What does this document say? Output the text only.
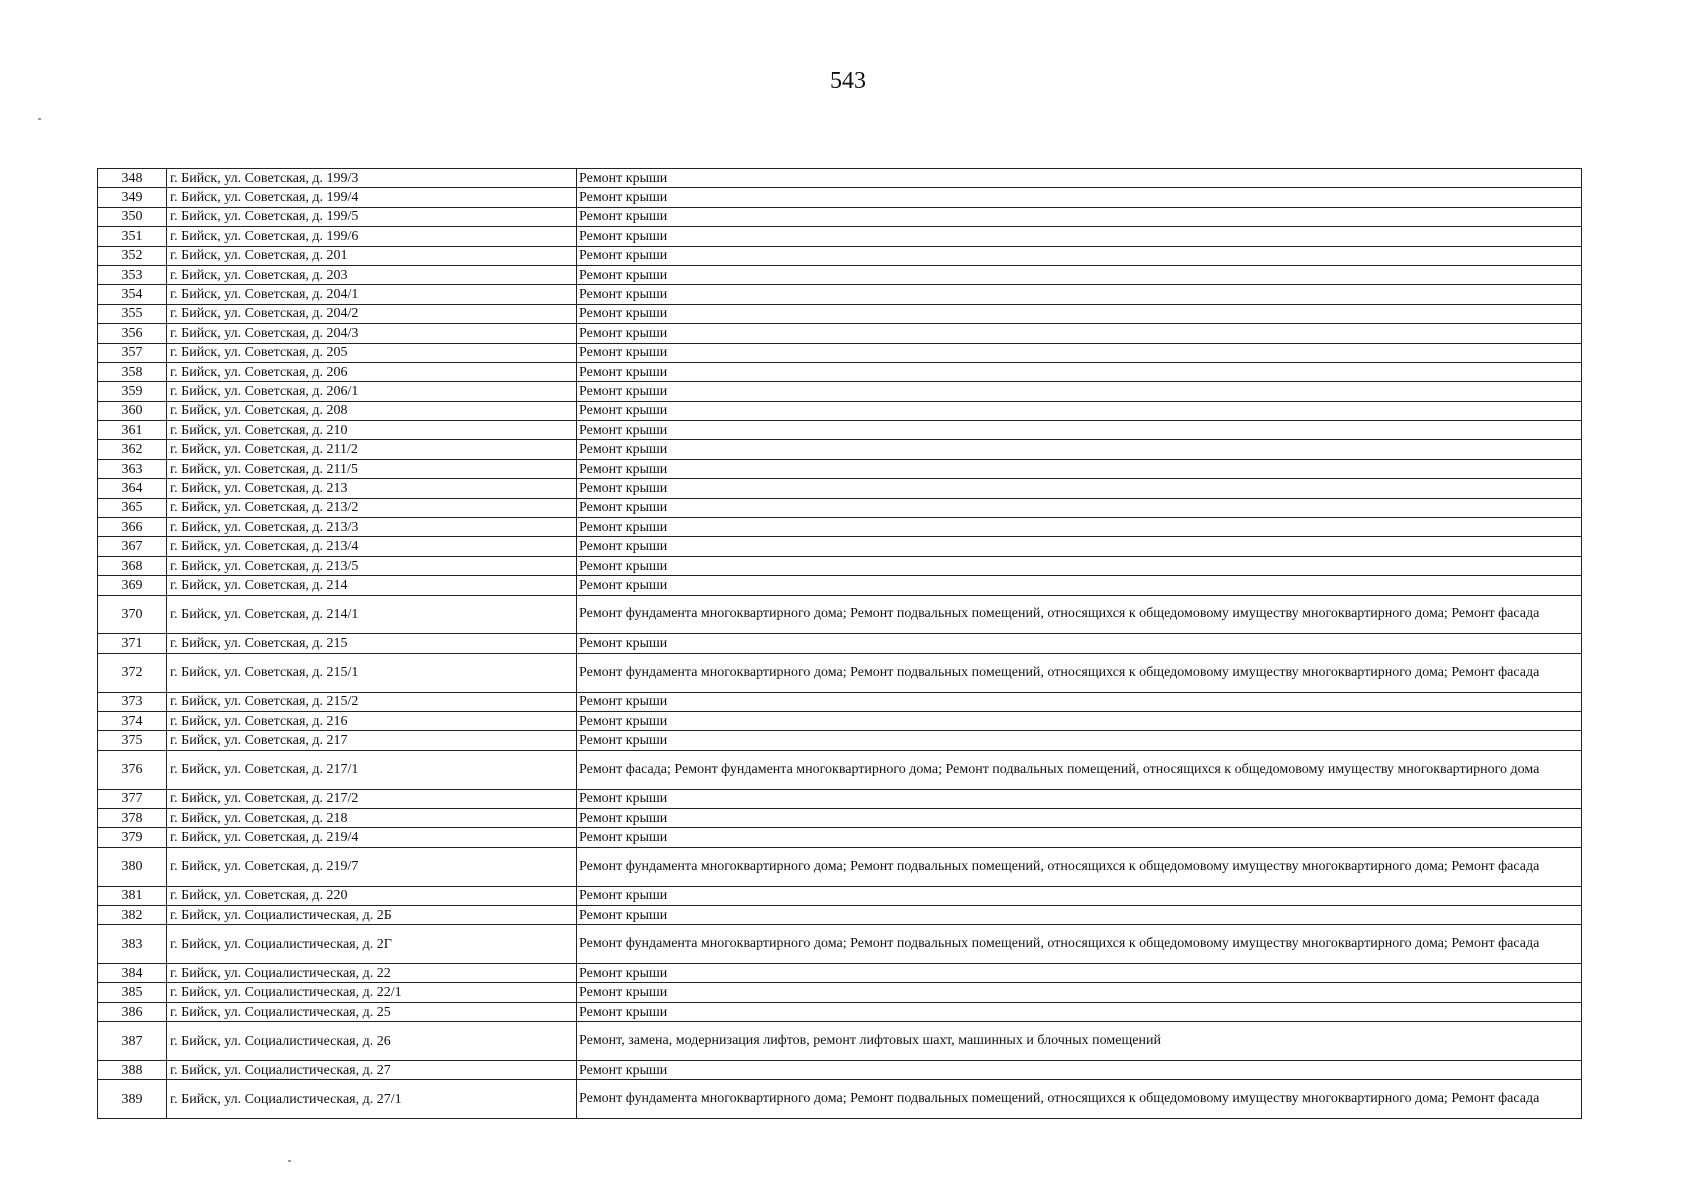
543
348	г. Бийск, ул. Советская, д. 199/3	Ремонт крыши
349	г. Бийск, ул. Советская, д. 199/4	Ремонт крыши
350	г. Бийск, ул. Советская, д. 199/5	Ремонт крыши
351	г. Бийск, ул. Советская, д. 199/6	Ремонт крыши
352	г. Бийск, ул. Советская, д. 201	Ремонт крыши
353	г. Бийск, ул. Советская, д. 203	Ремонт крыши
354	г. Бийск, ул. Советская, д. 204/1	Ремонт крыши
355	г. Бийск, ул. Советская, д. 204/2	Ремонт крыши
356	г. Бийск, ул. Советская, д. 204/3	Ремонт крыши
357	г. Бийск, ул. Советская, д. 205	Ремонт крыши
358	г. Бийск, ул. Советская, д. 206	Ремонт крыши
359	г. Бийск, ул. Советская, д. 206/1	Ремонт крыши
360	г. Бийск, ул. Советская, д. 208	Ремонт крыши
361	г. Бийск, ул. Советская, д. 210	Ремонт крыши
362	г. Бийск, ул. Советская, д. 211/2	Ремонт крыши
363	г. Бийск, ул. Советская, д. 211/5	Ремонт крыши
364	г. Бийск, ул. Советская, д. 213	Ремонт крыши
365	г. Бийск, ул. Советская, д. 213/2	Ремонт крыши
366	г. Бийск, ул. Советская, д. 213/3	Ремонт крыши
367	г. Бийск, ул. Советская, д. 213/4	Ремонт крыши
368	г. Бийск, ул. Советская, д. 213/5	Ремонт крыши
369	г. Бийск, ул. Советская, д. 214	Ремонт крыши
370	г. Бийск, ул. Советская, д. 214/1	Ремонт фундамента многоквартирного дома; Ремонт подвальных помещений, относящихся к общедомовому имуществу многоквартирного дома; Ремонт фасада
371	г. Бийск, ул. Советская, д. 215	Ремонт крыши
372	г. Бийск, ул. Советская, д. 215/1	Ремонт фундамента многоквартирного дома; Ремонт подвальных помещений, относящихся к общедомовому имуществу многоквартирного дома; Ремонт фасада
373	г. Бийск, ул. Советская, д. 215/2	Ремонт крыши
374	г. Бийск, ул. Советская, д. 216	Ремонт крыши
375	г. Бийск, ул. Советская, д. 217	Ремонт крыши
376	г. Бийск, ул. Советская, д. 217/1	Ремонт фасада; Ремонт фундамента многоквартирного дома; Ремонт подвальных помещений, относящихся к общедомовому имуществу многоквартирного дома
377	г. Бийск, ул. Советская, д. 217/2	Ремонт крыши
378	г. Бийск, ул. Советская, д. 218	Ремонт крыши
379	г. Бийск, ул. Советская, д. 219/4	Ремонт крыши
380	г. Бийск, ул. Советская, д. 219/7	Ремонт фундамента многоквартирного дома; Ремонт подвальных помещений, относящихся к общедомовому имуществу многоквартирного дома; Ремонт фасада
381	г. Бийск, ул. Советская, д. 220	Ремонт крыши
382	г. Бийск, ул. Социалистическая, д. 2Б	Ремонт крыши
383	г. Бийск, ул. Социалистическая, д. 2Г	Ремонт фундамента многоквартирного дома; Ремонт подвальных помещений, относящихся к общедомовому имуществу многоквартирного дома; Ремонт фасада
384	г. Бийск, ул. Социалистическая, д. 22	Ремонт крыши
385	г. Бийск, ул. Социалистическая, д. 22/1	Ремонт крыши
386	г. Бийск, ул. Социалистическая, д. 25	Ремонт крыши
387	г. Бийск, ул. Социалистическая, д. 26	Ремонт, замена, модернизация лифтов, ремонт лифтовых шахт, машинных и блочных помещений
388	г. Бийск, ул. Социалистическая, д. 27	Ремонт крыши
389	г. Бийск, ул. Социалистическая, д. 27/1	Ремонт фундамента многоквартирного дома; Ремонт подвальных помещений, относящихся к общедомовому имуществу многоквартирного дома; Ремонт фасада
